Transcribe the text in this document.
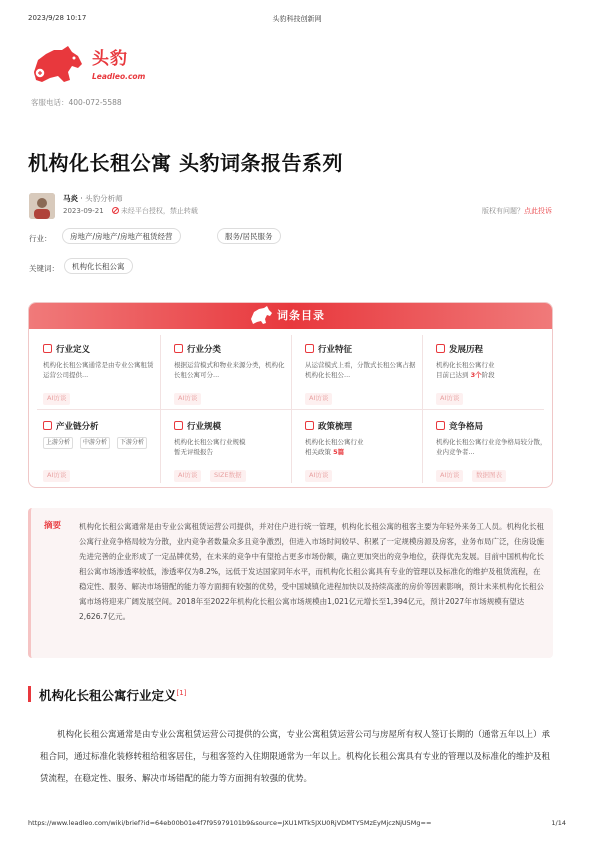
2023/9/28 10:17	头豹科技创新网
头豹
Leadleo.com
客服电话：400-072-5588
机构化长租公寓 头豹词条报告系列
马炎 · 头豹分析师
2023-09-21 未经平台授权，禁止转载	版权有问题？点此投诉
行业：	房地产/房地产/房地产租赁经营	服务/居民服务
关键词：	机构化长租公寓
词条目录
行业定义
机构化长租公寓通常是由专业公寓租赁运营公司提供...
AI访谈
行业分类
根据运营模式和物业来源分类，机构化长租公寓可分...
AI访谈
行业特征
从运营模式上看，分散式长租公寓占据机构化长租公...
AI访谈
发展历程
机构化长租公寓行业
目前已达到 3个阶段
AI访谈
产业链分析
上游分析	中游分析	下游分析
AI访谈
行业规模
机构化长租公寓行业规模
暂无评级报告
AI访谈	SIZE数据
政策梳理
机构化长租公寓行业
相关政策 5篇
AI访谈
竞争格局
机构化长租公寓行业竞争格局较分散，业内竞争者...
AI访谈	数据图表
摘要 机构化长租公寓通常是由专业公寓租赁运营公司提供，并对住户进行统一管理，机构化长租公寓的租客主要为年轻外来务工人员。机构化长租公寓行业竞争格局较为分散，业内竞争者数量众多且竞争激烈，但进入市场时间较早、积累了一定规模房源及房客，业务布局广泛，住房设施先进完善的企业形成了一定品牌优势，在未来的竞争中有望抢占更多市场份额，确立更加突出的竞争地位，获得优先发展。目前中国机构化长租公寓市场渗透率较低，渗透率仅为8.2%，远低于发达国家同年水平，而机构化长租公寓具有专业的管理以及标准化的维护及租赁流程，在稳定性、服务、解决市场错配的能力等方面拥有较强的优势，受中国城镇化进程加快以及持续高涨的房价等因素影响，预计未来机构化长租公寓市场将迎来广阔发展空间。2018年至2022年机构化长租公寓市场规模由1,021亿元增长至1,394亿元，预计2027年市场规模有望达2,626.7亿元。

机构化长租公寓行业定义[1]

机构化长租公寓通常是由专业公寓租赁运营公司提供的公寓，专业公寓租赁运营公司与房屋所有权人签订长期的（通常五年以上）承租合同，通过标准化装修转租给租客居住，与租客签约入住期限通常为一年以上。机构化长租公寓具有专业的管理以及标准化的维护及租赁流程，在稳定性、服务、解决市场错配的能力等方面拥有较强的优势。

https://www.leadleo.com/wiki/brief?id=64eb00b01e4f7f95979101b9&source=JXU1MTk5JXU0RjVDMTY5MzEyMjczNjU5Mg==	1/14
